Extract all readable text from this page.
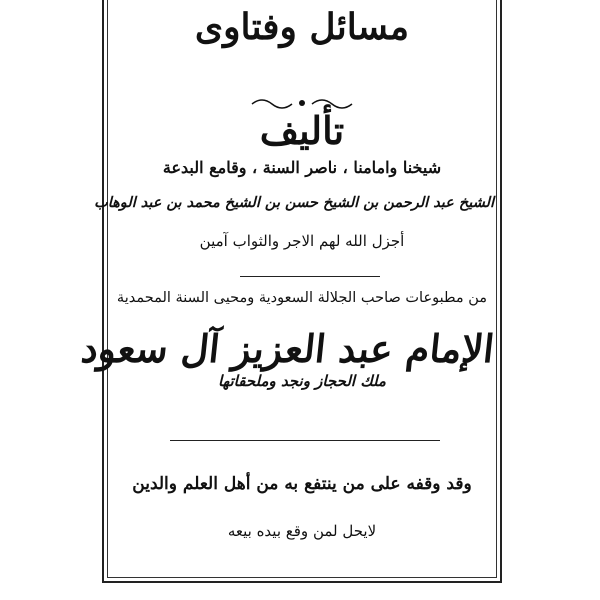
مسائل وفتاوى
تأليف
شيخنا وامامنا ، ناصر السنة ، وقامع البدعة
الشيخ عبد الرحمن بن الشيخ حسن بن الشيخ محمد بن عبد الوهاب
أجزل الله لهم الاجر والثواب آمين
من مطبوعات صاحب الجلالة السعودية ومحيى السنة المحمدية
الإمام عبد العزيز آل سعود
ملك الحجاز ونجد وملحقاتها
وقد وقفه على من ينتفع به من أهل العلم والدين
لايحل لمن وقع بيده بيعه
